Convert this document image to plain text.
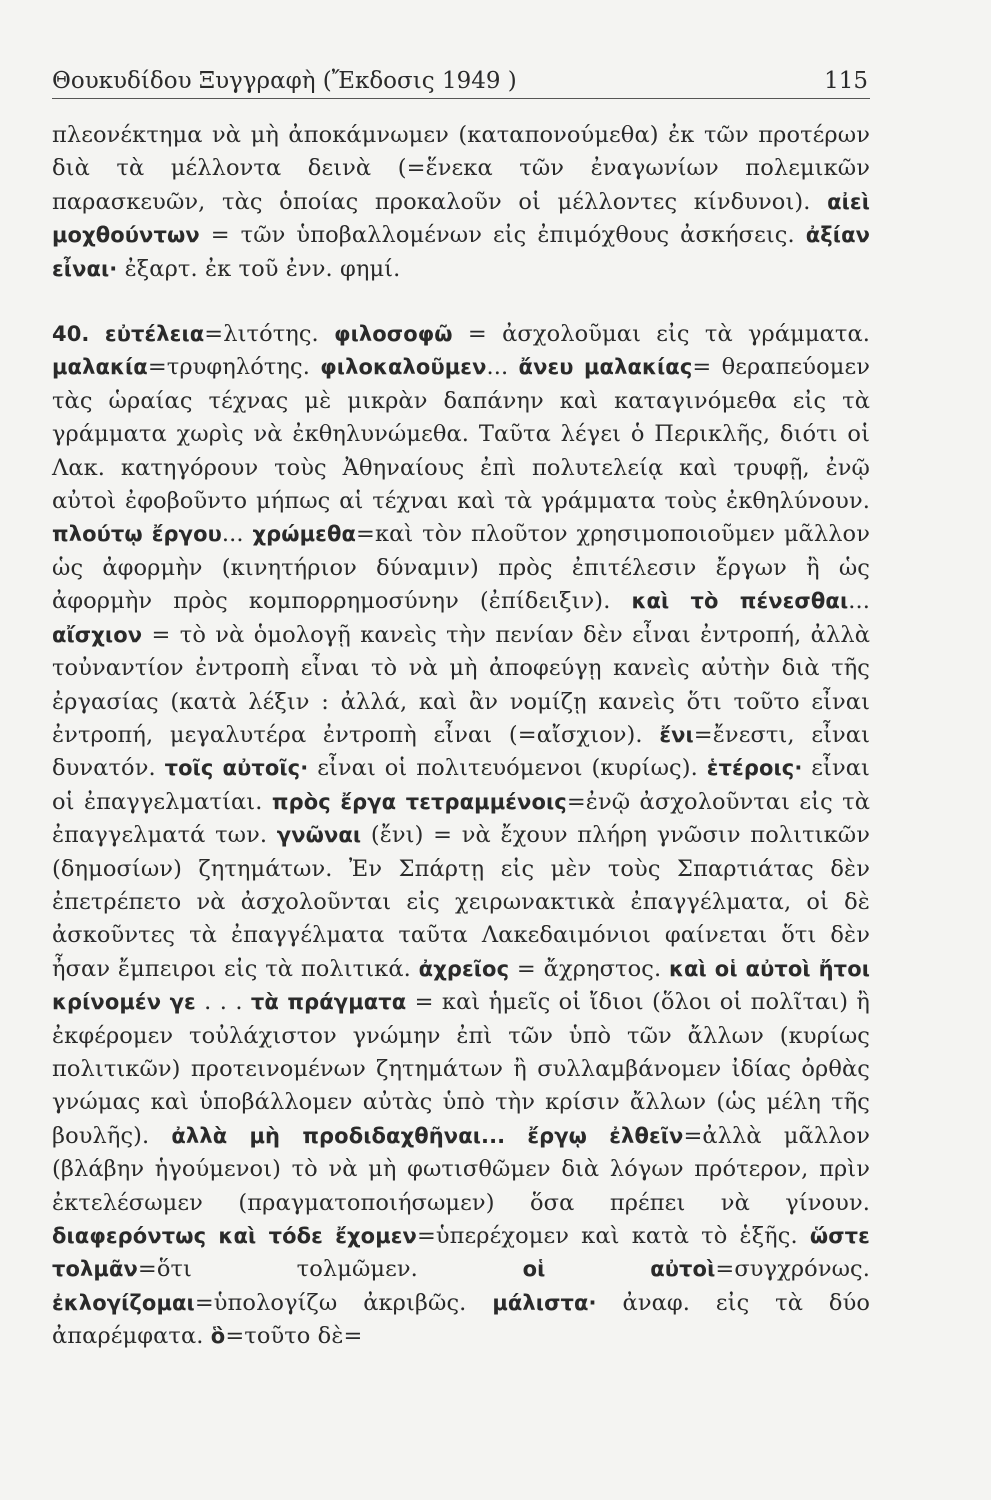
Θουκυδίδου Ξυγγραφὴ (Ἔκδοσις 1949 )	115

πλεονέκτημα νὰ μὴ ἀποκάμνωμεν (καταπονούμεθα) ἐκ τῶν προτέρων διὰ τὰ μέλλοντα δεινὰ (=ἕνεκα τῶν ἐναγωνίων πολεμικῶν παρασκευῶν, τὰς ὁποίας προκαλοῦν οἱ μέλλοντες κίνδυνοι). αἰεὶ μοχθούντων = τῶν ὑποβαλλομένων εἰς ἐπιμόχθους ἀσκήσεις. ἀξίαν εἶναι· ἐξαρτ. ἐκ τοῦ ἐνν. φημί.

40. εὐτέλεια=λιτότης. φιλοσοφῶ = ἀσχολοῦμαι εἰς τὰ γράμματα. μαλακία=τρυφηλότης. φιλοκαλοῦμεν... ἄνευ μαλακίας= θεραπεύομεν τὰς ὡραίας τέχνας μὲ μικρὰν δαπάνην καὶ καταγινόμεθα εἰς τὰ γράμματα χωρὶς νὰ ἐκθηλυνώμεθα. Ταῦτα λέγει ὁ Περικλῆς, διότι οἱ Λακ. κατηγόρουν τοὺς Ἀθηναίους ἐπὶ πολυτελείᾳ καὶ τρυφῇ, ἐνῷ αὐτοὶ ἐφοβοῦντο μήπως αἱ τέχναι καὶ τὰ γράμματα τοὺς ἐκθηλύνουν. πλούτῳ ἔργου... χρώμεθα=καὶ τὸν πλοῦτον χρησιμοποιοῦμεν μᾶλλον ὡς ἀφορμὴν (κινητήριον δύναμιν) πρὸς ἐπιτέλεσιν ἔργων ἢ ὡς ἀφορμὴν πρὸς κομπορρημοσύνην (ἐπίδειξιν). καὶ τὸ πένεσθαι... αἴσχιον = τὸ νὰ ὁμολογῇ κανεὶς τὴν πενίαν δὲν εἶναι ἐντροπή, ἀλλὰ τοὐναντίον ἐντροπὴ εἶναι τὸ νὰ μὴ ἀποφεύγῃ κανεὶς αὐτὴν διὰ τῆς ἐργασίας (κατὰ λέξιν : ἀλλά, καὶ ἂν νομίζῃ κανεὶς ὅτι τοῦτο εἶναι ἐντροπή, μεγαλυτέρα ἐντροπὴ εἶναι (=αἴσχιον). ἔνι=ἔνεστι, εἶναι δυνατόν. τοῖς αὐτοῖς· εἶναι οἱ πολιτευόμενοι (κυρίως). ἑτέροις· εἶναι οἱ ἐπαγγελματίαι. πρὸς ἔργα τετραμμένοις=ἐνῷ ἀσχολοῦνται εἰς τὰ ἐπαγγελματά των. γνῶναι (ἔνι) = νὰ ἔχουν πλήρη γνῶσιν πολιτικῶν (δημοσίων) ζητημάτων. Ἐν Σπάρτῃ εἰς μὲν τοὺς Σπαρτιάτας δὲν ἐπετρέπετο νὰ ἀσχολοῦνται εἰς χειρωνακτικὰ ἐπαγγέλματα, οἱ δὲ ἀσκοῦντες τὰ ἐπαγγέλματα ταῦτα Λακεδαιμόνιοι φαίνεται ὅτι δὲν ἦσαν ἔμπειροι εἰς τὰ πολιτικά. ἀχρεῖος = ἄχρηστος. καὶ οἱ αὐτοὶ ἤτοι κρίνομέν γε . . . τὰ πράγματα = καὶ ἡμεῖς οἱ ἴδιοι (ὅλοι οἱ πολῖται) ἢ ἐκφέρομεν τοὐλάχιστον γνώμην ἐπὶ τῶν ὑπὸ τῶν ἄλλων (κυρίως πολιτικῶν) προτεινομένων ζητημάτων ἢ συλλαμβάνομεν ἰδίας ὀρθὰς γνώμας καὶ ὑποβάλλομεν αὐτὰς ὑπὸ τὴν κρίσιν ἄλλων (ὡς μέλη τῆς βουλῆς). ἀλλὰ μὴ προδιδαχθῆναι... ἔργῳ ἐλθεῖν=ἀλλὰ μᾶλλον (βλάβην ἡγούμενοι) τὸ νὰ μὴ φωτισθῶμεν διὰ λόγων πρότερον, πρὶν ἐκτελέσωμεν (πραγματοποιήσωμεν) ὅσα πρέπει νὰ γίνουν. διαφερόντως καὶ τόδε ἔχομεν=ὑπερέχομεν καὶ κατὰ τὸ ἑξῆς. ὥστε τολμᾶν=ὅτι τολμῶμεν. οἱ αὐτοὶ=συγχρόνως. ἐκλογίζομαι=ὑπολογίζω ἀκριβῶς. μάλιστα· ἀναφ. εἰς τὰ δύο ἀπαρέμφατα. ὃ=τοῦτο δὲ=
